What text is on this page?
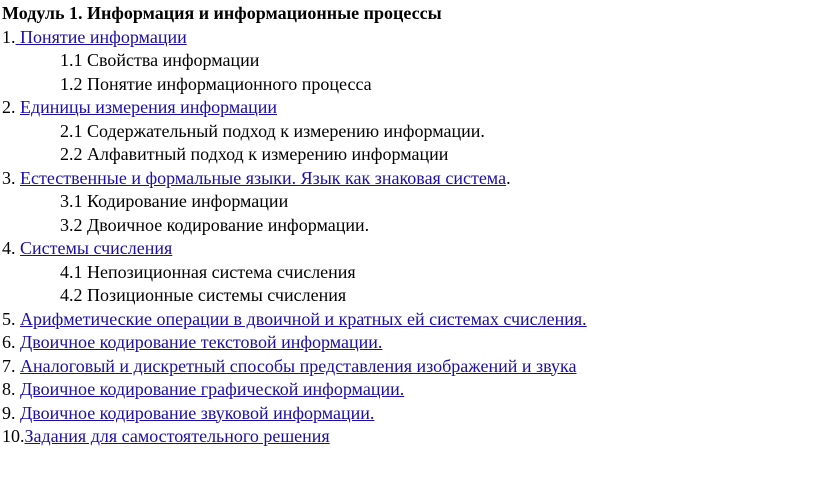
Модуль 1. Информация и информационные процессы
1. Понятие информации
1.1 Свойства информации
1.2 Понятие информационного процесса
2. Единицы измерения информации
2.1 Содержательный подход к измерению информации.
2.2 Алфавитный подход к измерению информации
3. Естественные и формальные языки. Язык как знаковая система.
3.1 Кодирование информации
3.2 Двоичное кодирование информации.
4. Системы счисления
4.1 Непозиционная система счисления
4.2 Позиционные системы счисления
5. Арифметические операции в двоичной и кратных ей системах счисления.
6. Двоичное кодирование текстовой информации.
7. Аналоговый и дискретный способы представления изображений и звука
8. Двоичное кодирование графической информации.
9. Двоичное кодирование звуковой информации.
10.Задания для самостоятельного решения
